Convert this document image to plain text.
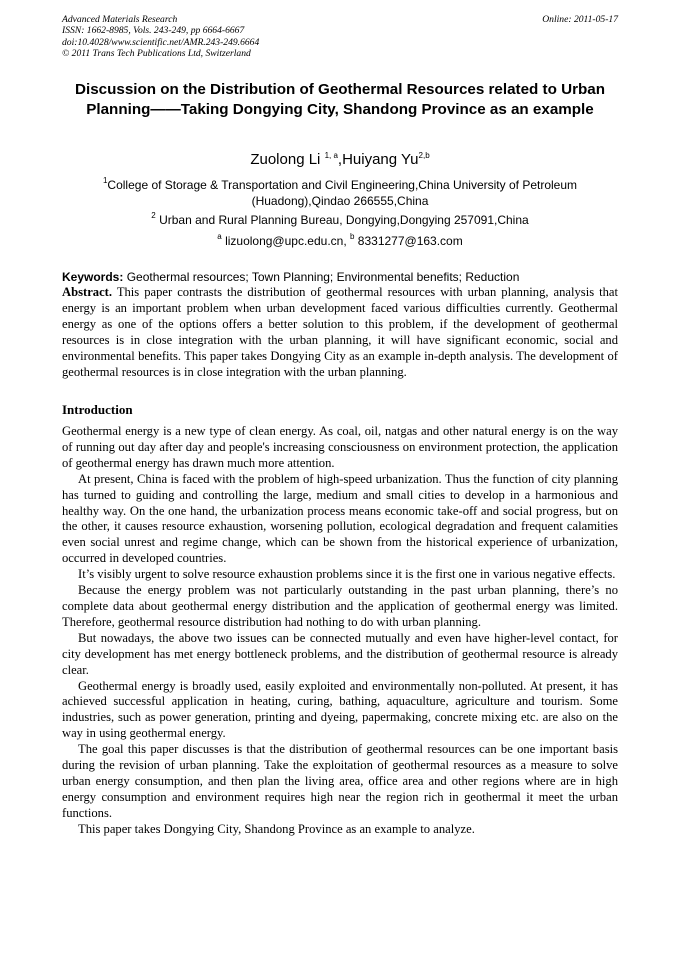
Advanced Materials Research
ISSN: 1662-8985, Vols. 243-249, pp 6664-6667
doi:10.4028/www.scientific.net/AMR.243-249.6664
© 2011 Trans Tech Publications Ltd, Switzerland
Online: 2011-05-17
Discussion on the Distribution of Geothermal Resources related to Urban Planning——Taking Dongying City, Shandong Province as an example
Zuolong Li $^{1, a}$,Huiyang Yu$^{2,b}$
$^1$College of Storage & Transportation and Civil Engineering,China University of Petroleum (Huadong),Qindao 266555,China
$^2$ Urban and Rural Planning Bureau, Dongying,Dongying 257091,China
$^a$ lizuolong@upc.edu.cn, $^b$ 8331277@163.com
Keywords: Geothermal resources; Town Planning; Environmental benefits; Reduction
Abstract. This paper contrasts the distribution of geothermal resources with urban planning, analysis that energy is an important problem when urban development faced various difficulties currently. Geothermal energy as one of the options offers a better solution to this problem, if the development of geothermal resources is in close integration with the urban planning, it will have significant economic, social and environmental benefits. This paper takes Dongying City as an example in-depth analysis. The development of geothermal resources is in close integration with the urban planning.
Introduction

Geothermal energy is a new type of clean energy. As coal, oil, natgas and other natural energy is on the way of running out day after day and people's increasing consciousness on environment protection, the application of geothermal energy has drawn much more attention.

At present, China is faced with the problem of high-speed urbanization. Thus the function of city planning has turned to guiding and controlling the large, medium and small cities to develop in a harmonious and healthy way. On the one hand, the urbanization process means economic take-off and social progress, but on the other, it causes resource exhaustion, worsening pollution, ecological degradation and frequent calamities even social unrest and regime change, which can be shown from the historical experience of urbanization, occurred in developed countries.

It’s visibly urgent to solve resource exhaustion problems since it is the first one in various negative effects.

Because the energy problem was not particularly outstanding in the past urban planning, there’s no complete data about geothermal energy distribution and the application of geothermal energy was limited. Therefore, geothermal resource distribution had nothing to do with urban planning.

But nowadays, the above two issues can be connected mutually and even have higher-level contact, for city development has met energy bottleneck problems, and the distribution of geothermal resource is already clear.

Geothermal energy is broadly used, easily exploited and environmentally non-polluted. At present, it has achieved successful application in heating, curing, bathing, aquaculture, agriculture and tourism. Some industries, such as power generation, printing and dyeing, papermaking, concrete mixing etc. are also on the way in using geothermal energy.

The goal this paper discusses is that the distribution of geothermal resources can be one important basis during the revision of urban planning. Take the exploitation of geothermal resources as a measure to solve urban energy consumption, and then plan the living area, office area and other regions where are in high energy consumption and environment requires high near the region rich in geothermal it meet the urban functions.

This paper takes Dongying City, Shandong Province as an example to analyze.
